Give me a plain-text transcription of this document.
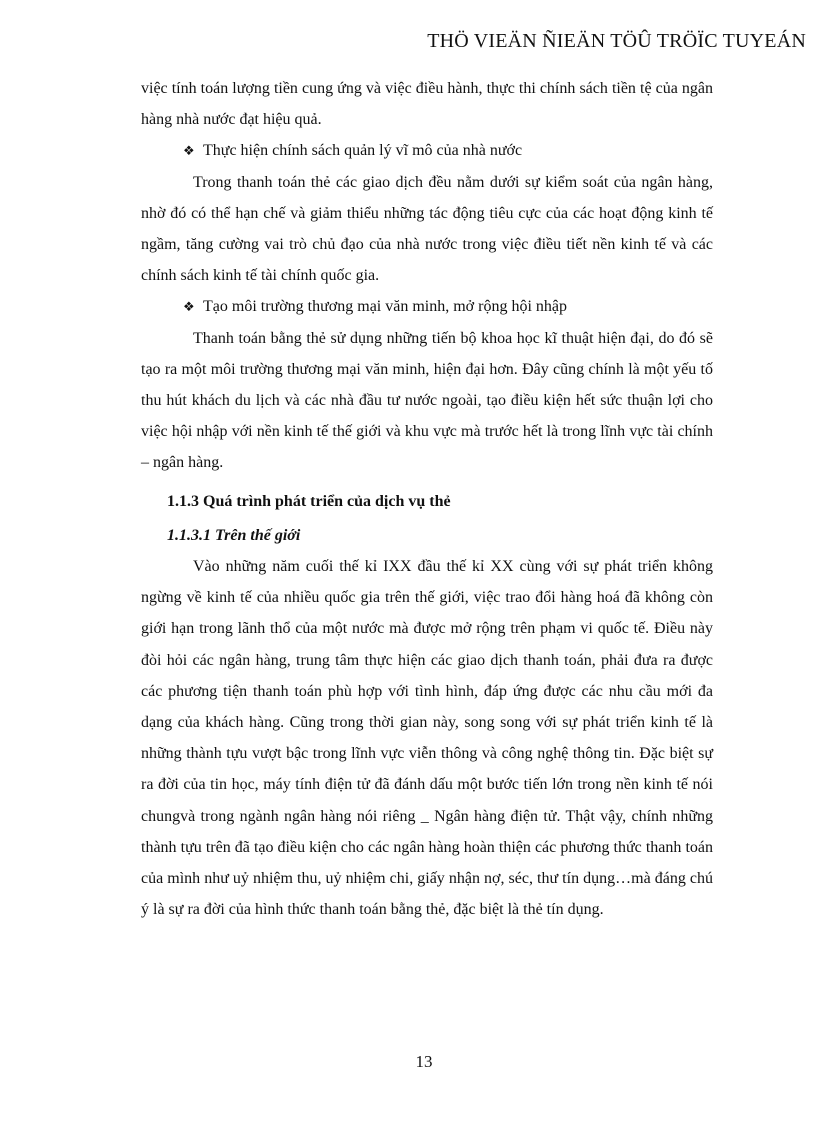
THÖ VIEÄN ÑIEÄN TÖÛ TRÖÏC TUYEÁN

việc tính toán lượng tiền cung ứng và việc điều hành, thực thi chính sách tiền tệ của ngân hàng nhà nước đạt hiệu quả.

❖ Thực hiện chính sách quản lý vĩ mô của nhà nước

Trong thanh toán thẻ các giao dịch đều nằm dưới sự kiểm soát của ngân hàng, nhờ đó có thể hạn chế và giảm thiểu những tác động tiêu cực của các hoạt động kinh tế ngầm, tăng cường vai trò chủ đạo của nhà nước trong việc điều tiết nền kinh tế và các chính sách kinh tế tài chính quốc gia.

❖ Tạo môi trường thương mại văn minh, mở rộng hội nhập

Thanh toán bằng thẻ sử dụng những tiến bộ khoa học kĩ thuật hiện đại, do đó sẽ tạo ra một môi trường thương mại văn minh, hiện đại hơn. Đây cũng chính là một yếu tố thu hút khách du lịch và các nhà đầu tư nước ngoài, tạo điều kiện hết sức thuận lợi cho việc hội nhập với nền kinh tế thế giới và khu vực mà trước hết là trong lĩnh vực tài chính – ngân hàng.

1.1.3 Quá trình phát triển của dịch vụ thẻ

1.1.3.1 Trên thế giới

Vào những năm cuối thế kỉ IXX đầu thế kỉ XX cùng với sự phát triển không ngừng về kinh tế của nhiều quốc gia trên thế giới, việc trao đổi hàng hoá đã không còn giới hạn trong lãnh thổ của một nước mà được mở rộng trên phạm vi quốc tế. Điều này đòi hỏi các ngân hàng, trung tâm thực hiện các giao dịch thanh toán, phải đưa ra được các phương tiện thanh toán phù hợp với tình hình, đáp ứng được các nhu cầu mới đa dạng của khách hàng. Cũng trong thời gian này, song song với sự phát triển kinh tế là những thành tựu vượt bậc trong lĩnh vực viễn thông và công nghệ thông tin. Đặc biệt sự ra đời của tin học, máy tính điện tử đã đánh dấu một bước tiến lớn trong nền kinh tế nói chungvà trong ngành ngân hàng nói riêng _ Ngân hàng điện tử. Thật vậy, chính những thành tựu trên đã tạo điều kiện cho các ngân hàng hoàn thiện các phương thức thanh toán của mình như uỷ nhiệm thu, uỷ nhiệm chi, giấy nhận nợ, séc, thư tín dụng…mà đáng chú ý là sự ra đời của hình thức thanh toán bằng thẻ, đặc biệt là thẻ tín dụng.

13
